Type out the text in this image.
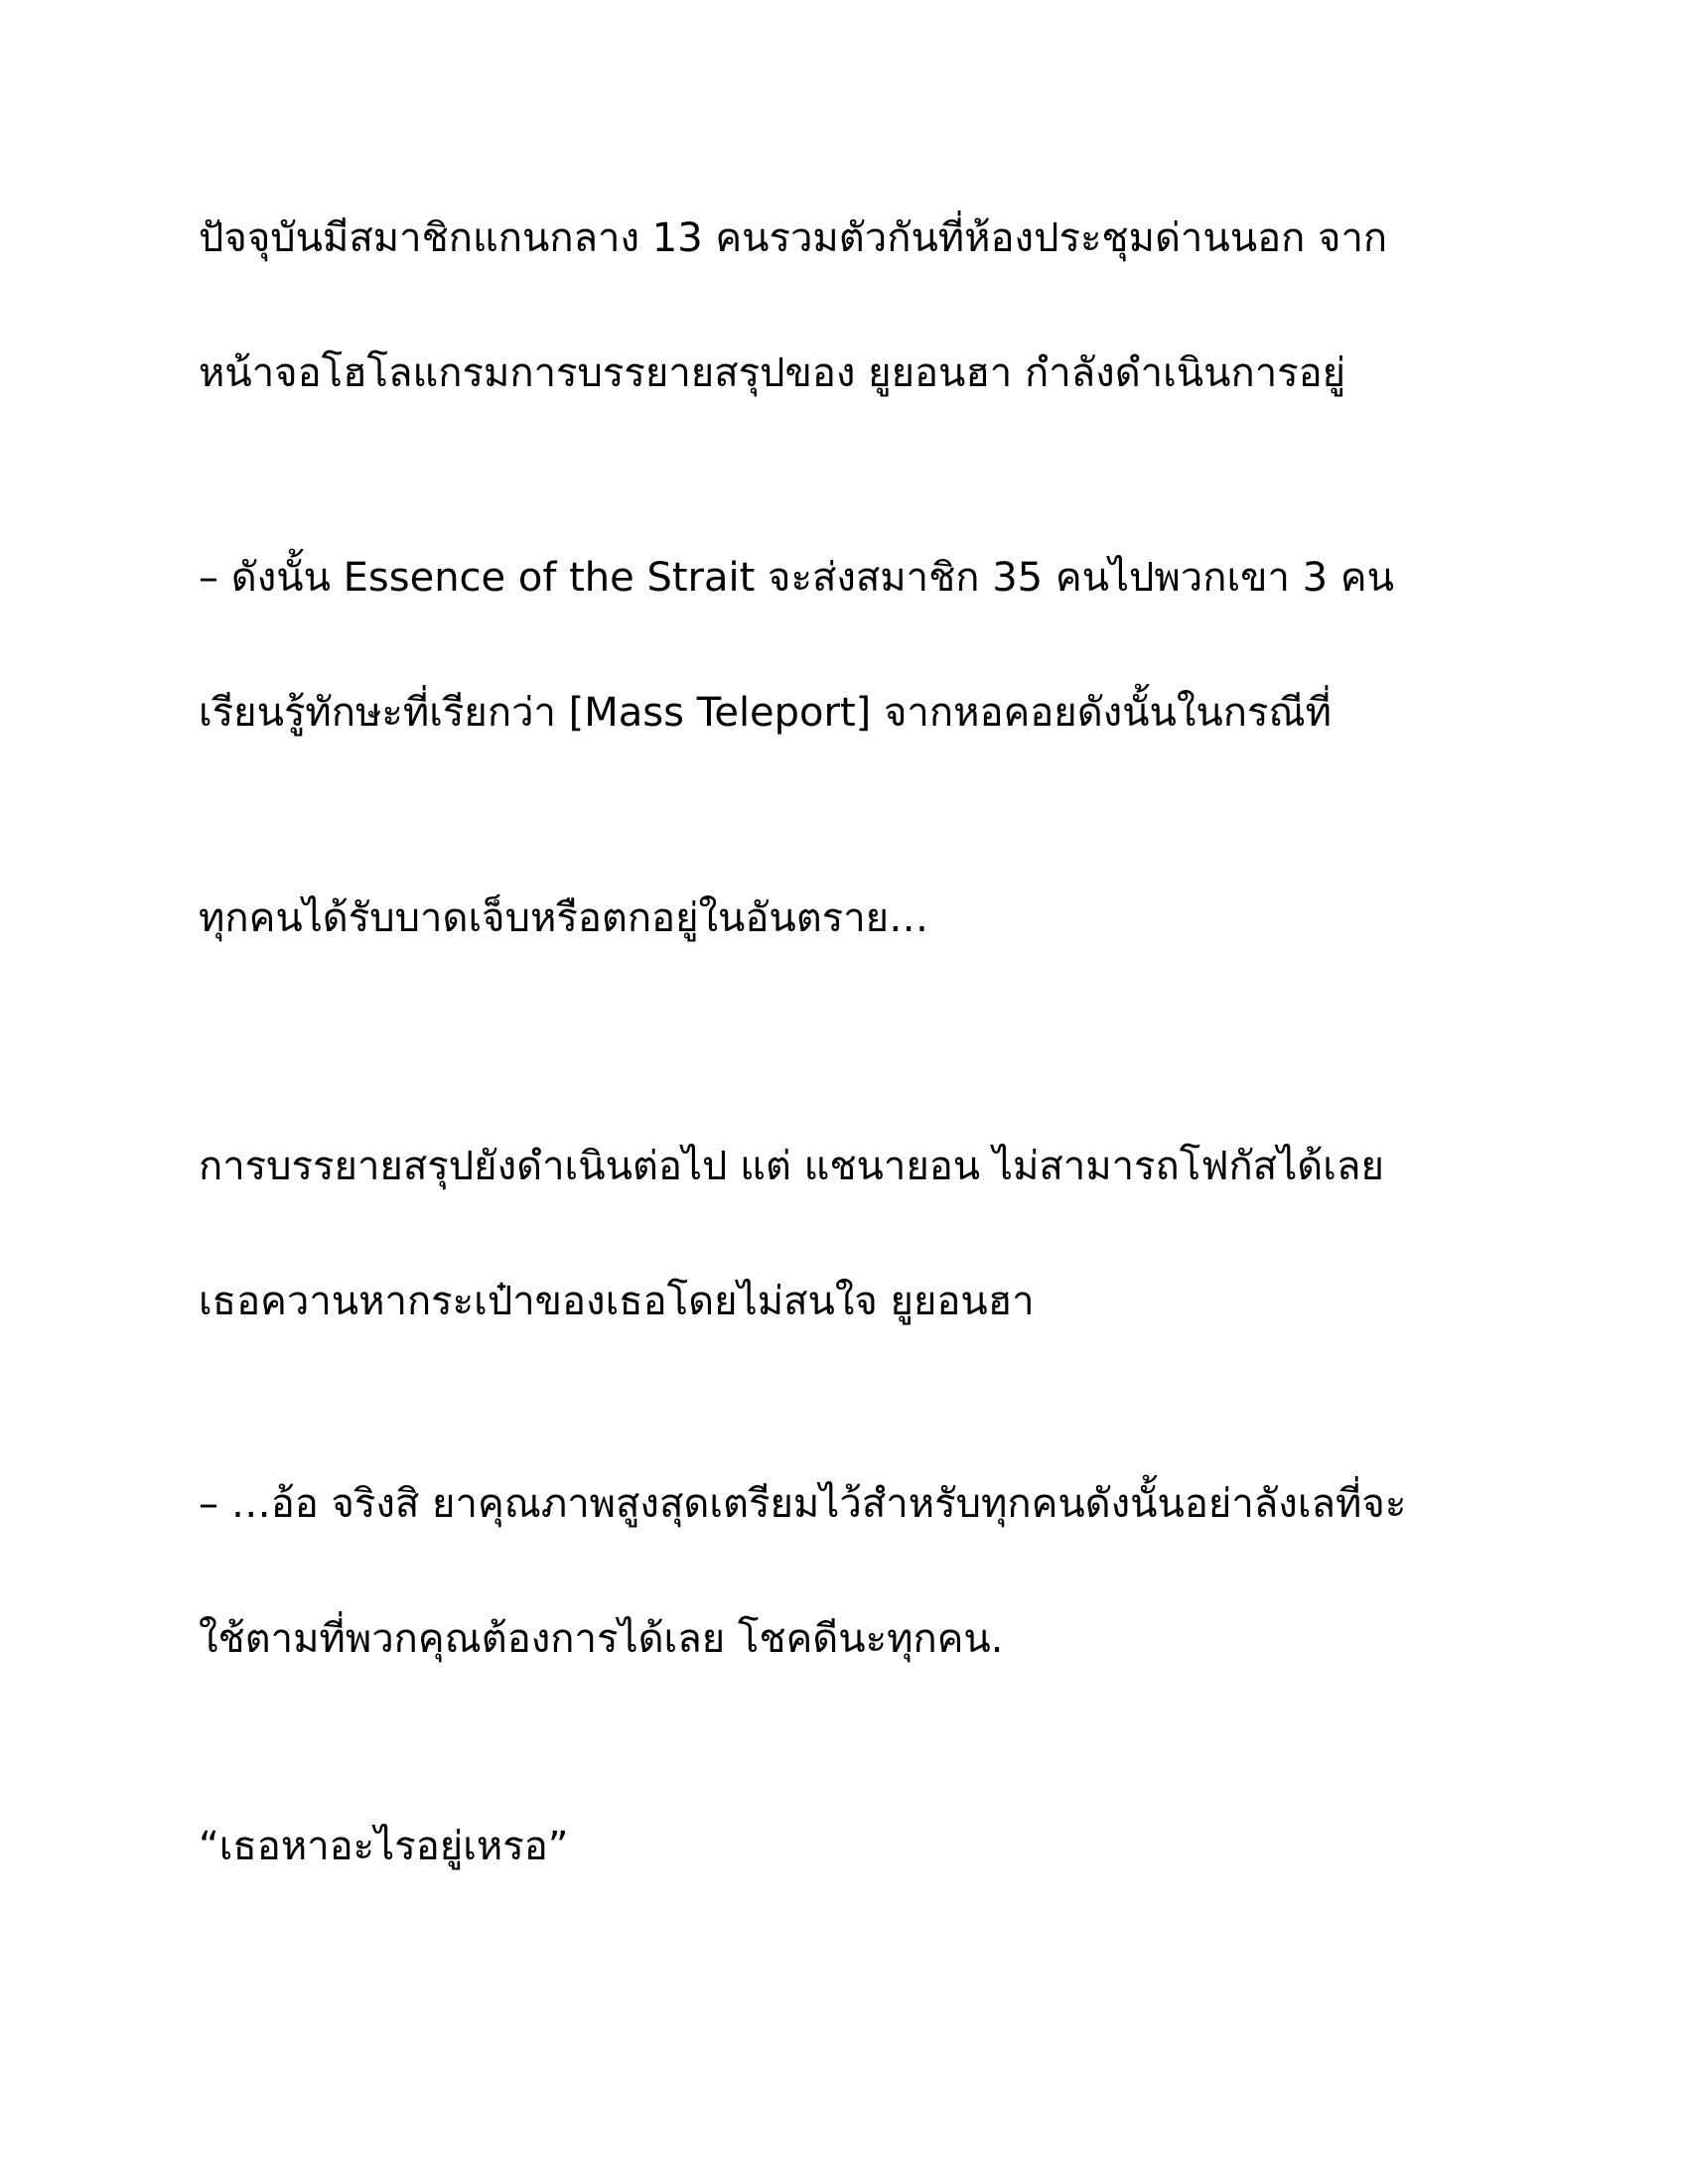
ปัจจุบันมีสมาชิกแกนกลาง 13 คนรวมตัวกันที่ห้องประชุมด่านนอก จาก
หน้าจอโฮโลแกรมการบรรยายสรุปของ ยูยอนฮา กำลังดำเนินการอยู่
– ดังนั้น Essence of the Strait จะส่งสมาชิก 35 คนไปพวกเขา 3 คน
เรียนรู้ทักษะที่เรียกว่า [Mass Teleport] จากหอคอยดังนั้นในกรณีที่
ทุกคนได้รับบาดเจ็บหรือตกอยู่ในอันตราย…
การบรรยายสรุปยังดำเนินต่อไป แต่ แชนายอน ไม่สามารถโฟกัสได้เลย
เธอควานหากระเป๋าของเธอโดยไม่สนใจ ยูยอนฮา
– …อ้อ จริงสิ ยาคุณภาพสูงสุดเตรียมไว้สำหรับทุกคนดังนั้นอย่าลังเลที่จะ
ใช้ตามที่พวกคุณต้องการได้เลย โชคดีนะทุกคน.
“เธอหาอะไรอยู่เหรอ”
